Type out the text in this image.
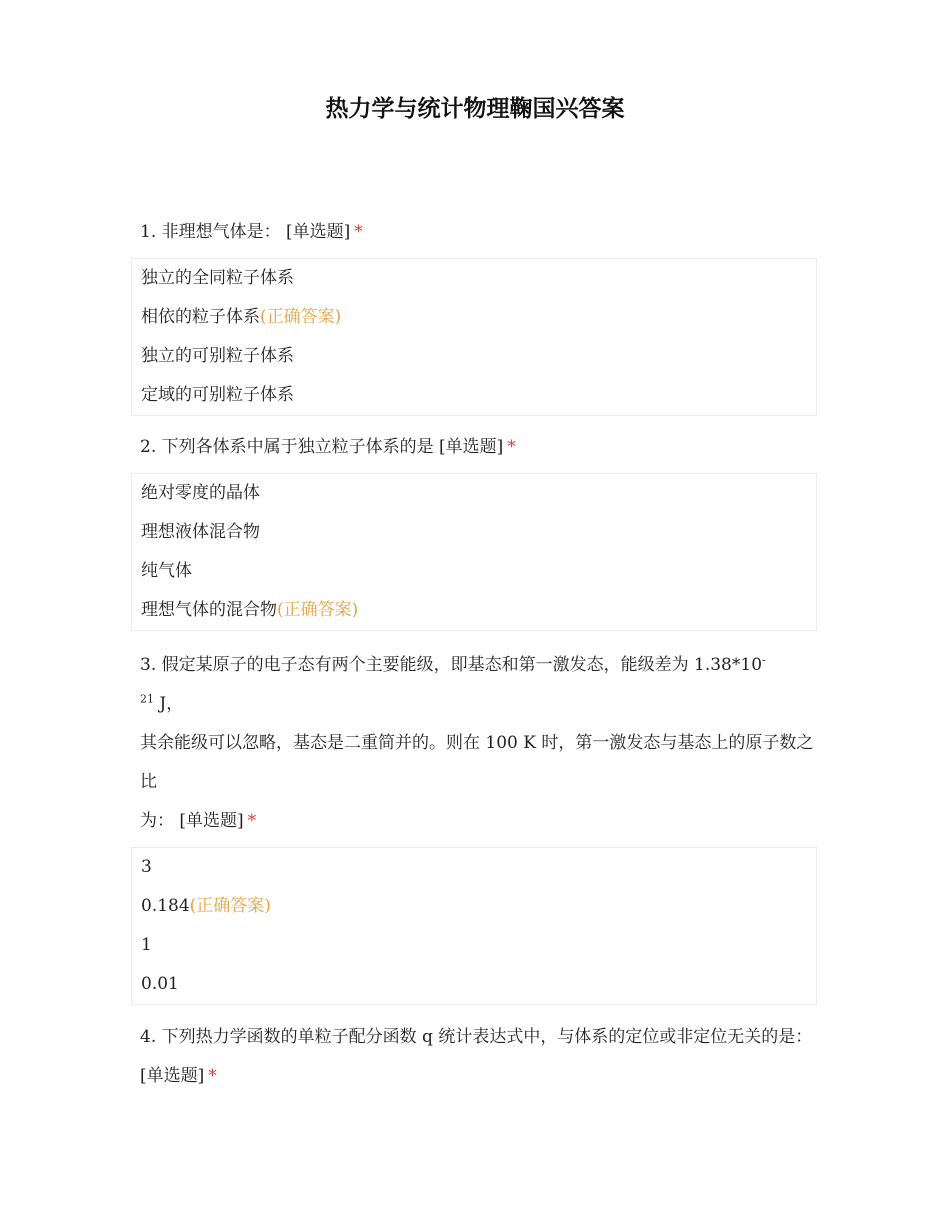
热力学与统计物理鞠国兴答案

1. 非理想气体是： [单选题] *

独立的全同粒子体系
相依的粒子体系(正确答案)
独立的可别粒子体系
定域的可别粒子体系

2. 下列各体系中属于独立粒子体系的是 [单选题] *

绝对零度的晶体
理想液体混合物
纯气体
理想气体的混合物(正确答案)
3. 假定某原子的电子态有两个主要能级，即基态和第一激发态，能级差为 1.38*10-
$^{21}$ J，
其余能级可以忽略，基态是二重简并的。则在 100 K 时，第一激发态与基态上的原子数之比
为： [单选题] *
3
0.184(正确答案)
1
0.01

4. 下列热力学函数的单粒子配分函数 q 统计表达式中，与体系的定位或非定位无关的是： [单选题] *
